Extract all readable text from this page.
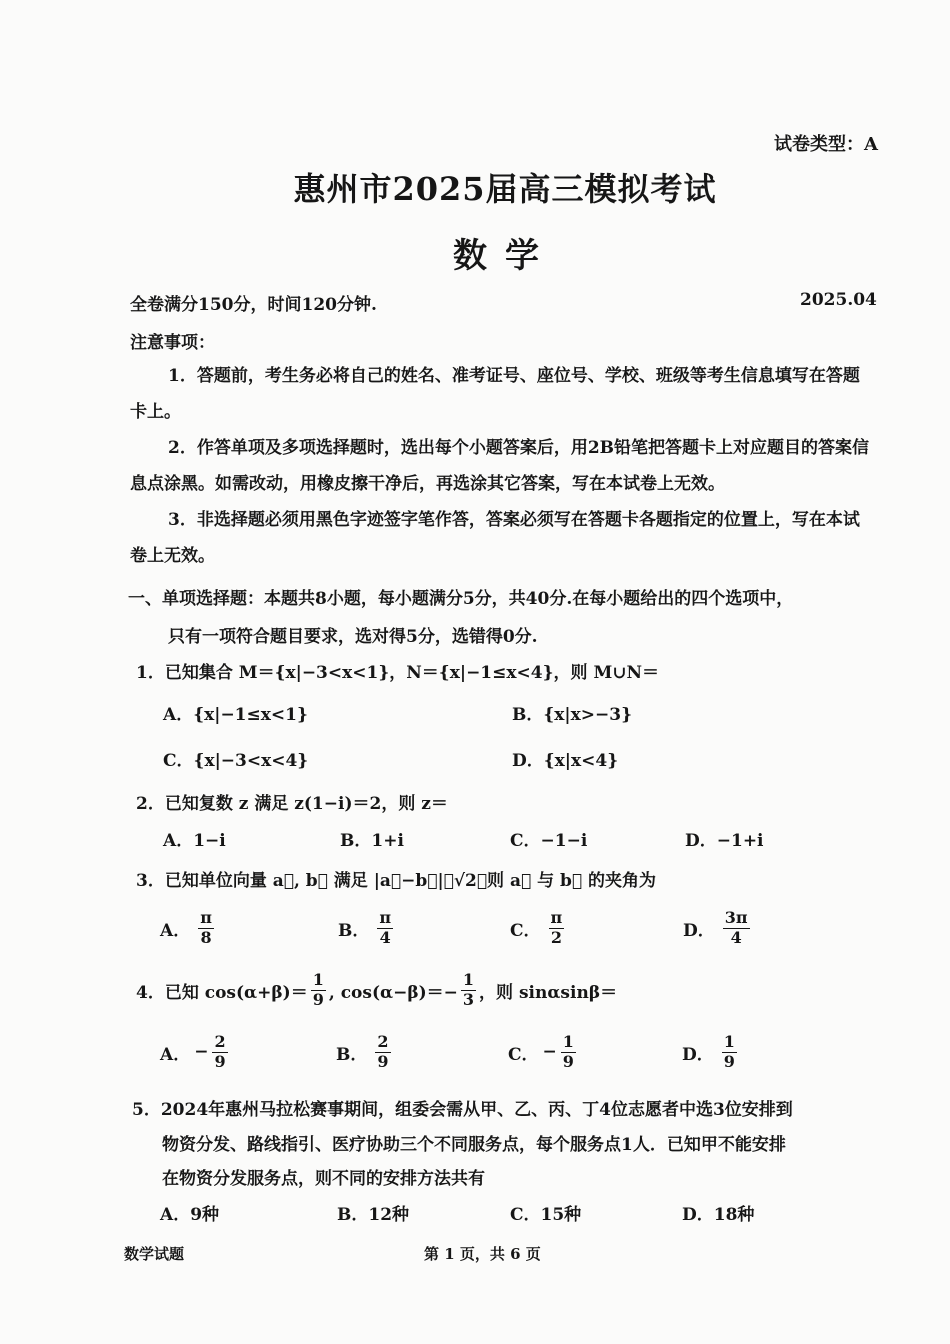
试卷类型：A
惠州市2025届高三模拟考试
数学
全卷满分150分，时间120分钟.	2025.04
注意事项：
1．答题前，考生务必将自己的姓名、准考证号、座位号、学校、班级等考生信息填写在答题卡上。
2．作答单项及多项选择题时，选出每个小题答案后，用2B铅笔把答题卡上对应题目的答案信息点涂黑。如需改动，用橡皮擦干净后，再选涂其它答案，写在本试卷上无效。
3．非选择题必须用黑色字迹签字笔作答，答案必须写在答题卡各题指定的位置上，写在本试卷上无效。
一、单项选择题：本题共8小题，每小题满分5分，共40分.在每小题给出的四个选项中，
只有一项符合题目要求，选对得5分，选错得0分.
1．已知集合 M＝{x|−3<x<1}，N＝{x|−1≤x<4}，则 M∪N＝
A．{x|−1≤x<1}	B．{x|x>−3}
C．{x|−3<x<4}	D．{x|x<4}
2．已知复数 z 满足 z(1−i)＝2，则 z＝
A．1−i	B．1+i	C．−1−i	D．−1+i
3．已知单位向量 a⃗, b⃗ 满足 |a⃗−b⃗|＝√2，则 a⃗ 与 b⃗ 的夹角为
A． $\frac{\pi}{8}$	B． $\frac{\pi}{4}$	C． $\frac{\pi}{2}$	D． $\frac{3\pi}{4}$
4．已知 $\cos(\alpha+\beta)= \frac{1}{9}$ , $\cos(\alpha-\beta)=- \frac{1}{3}$ ，则 sinαsinβ＝
A． − $\frac{2}{9}$	B． $\frac{2}{9}$	C． − $\frac{1}{9}$	D． $\frac{1}{9}$
5．2024年惠州马拉松赛事期间，组委会需从甲、乙、丙、丁4位志愿者中选3位安排到
物资分发、路线指引、医疗协助三个不同服务点，每个服务点1人．已知甲不能安排
在物资分发服务点，则不同的安排方法共有
A．9种	B．12种	C．15种	D．18种
数学试题	第 1 页，共 6 页
